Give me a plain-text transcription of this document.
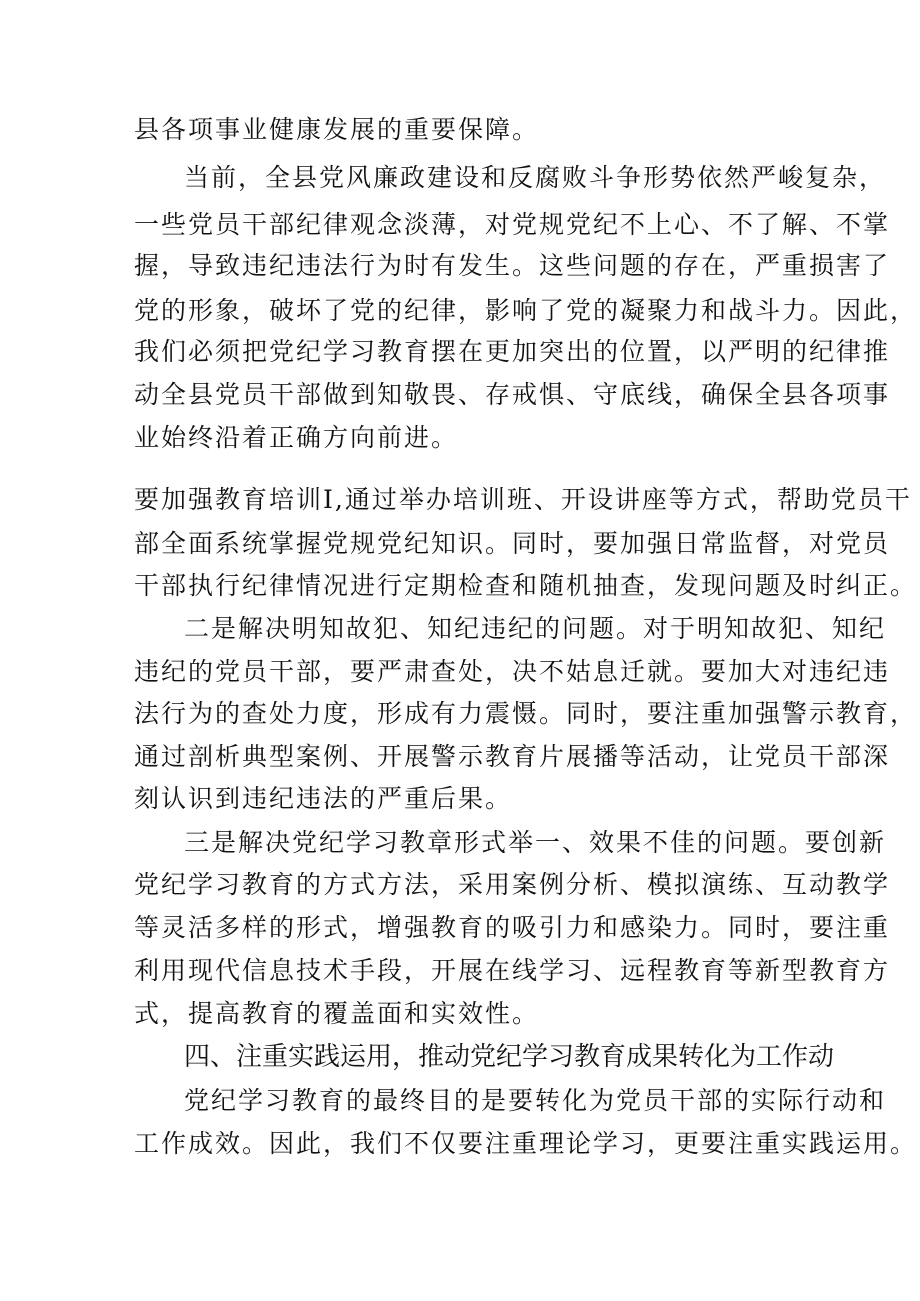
县各项事业健康发展的重要保障。
当前，全县党风廉政建设和反腐败斗争形势依然严峻复杂，
一些党员干部纪律观念淡薄，对党规党纪不上心、不了解、不掌
握，导致违纪违法行为时有发生。这些问题的存在，严重损害了
党的形象，破坏了党的纪律，影响了党的凝聚力和战斗力。因此，
我们必须把党纪学习教育摆在更加突出的位置，以严明的纪律推
动全县党员干部做到知敬畏、存戒惧、守底线，确保全县各项事
业始终沿着正确方向前进。
要加强教育培训I,通过举办培训班、开设讲座等方式，帮助党员干
部全面系统掌握党规党纪知识。同时，要加强日常监督，对党员
干部执行纪律情况进行定期检查和随机抽查，发现问题及时纠正。
二是解决明知故犯、知纪违纪的问题。对于明知故犯、知纪
违纪的党员干部，要严肃查处，决不姑息迁就。要加大对违纪违
法行为的查处力度，形成有力震慑。同时，要注重加强警示教育，
通过剖析典型案例、开展警示教育片展播等活动，让党员干部深
刻认识到违纪违法的严重后果。
三是解决党纪学习教章形式举一、效果不佳的问题。要创新
党纪学习教育的方式方法，采用案例分析、模拟演练、互动教学
等灵活多样的形式，增强教育的吸引力和感染力。同时，要注重
利用现代信息技术手段，开展在线学习、远程教育等新型教育方
式，提高教育的覆盖面和实效性。
四、注重实践运用，推动党纪学习教育成果转化为工作动
党纪学习教育的最终目的是要转化为党员干部的实际行动和
工作成效。因此，我们不仅要注重理论学习，更要注重实践运用。
